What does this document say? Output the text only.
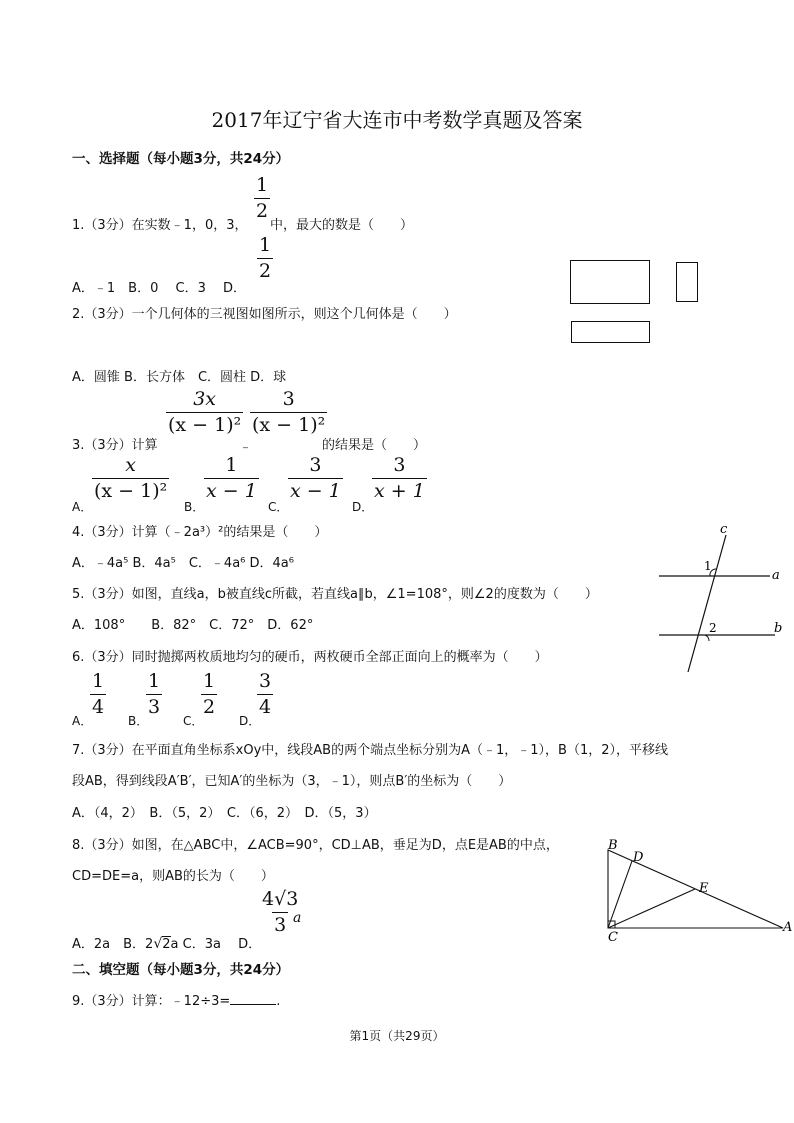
2017年辽宁省大连市中考数学真题及答案
一、选择题（每小题3分，共24分）
$\frac{1}{2}$
1.（3分）在实数﹣1，0，3， 中，最大的数是（　　）
A．﹣1　B．0　 C．3　 D．
$\frac{1}{2}$
2.（3分）一个几何体的三视图如图所示，则这个几何体是（　　）
A．圆锥 B．长方体　C．圆柱 D．球
3.（3分）计算
$\frac{3x}{\text{(x − 1)²}}$
﹣
$\frac{3}{\text{(x − 1)²}}$
的结果是（　　）
A．
$\frac{x}{\text{(x − 1)²}}$
B．
$\frac{1}{x - 1}$
C．
$\frac{3}{x - 1}$
D．
$\frac{3}{x + 1}$
4.（3分）计算（﹣2a³）²的结果是（　　）
A．﹣4a⁵ B．4a⁵　C．﹣4a⁶ D．4a⁶
c
a
b
1
2
5.（3分）如图，直线a，b被直线c所截，若直线a∥b，∠1=108°，则∠2的度数为（　　）
A．108°　　B．82°　C．72°　D．62°
6.（3分）同时抛掷两枚质地均匀的硬币，两枚硬币全部正面向上的概率为（　　）
A．
$\frac{1}{4}$
B．
$\frac{1}{3}$
C．
$\frac{1}{2}$
D．
$\frac{3}{4}$
7.（3分）在平面直角坐标系xOy中，线段AB的两个端点坐标分别为A（﹣1，﹣1），B（1，2），平移线
段AB，得到线段A′B′，已知A′的坐标为（3，﹣1），则点B′的坐标为（　　）
A．（4，2）　B．（5，2）　C．（6，2）　D．（5，3）
8.（3分）如图，在△ABC中，∠ACB=90°，CD⊥AB，垂足为D，点E是AB的中点，
CD=DE=a，则AB的长为（　　）
A．2a　B．2√2a C．3a　 D．
$\frac{4√3}{3}$
a
B
D
E
C
A
二、填空题（每小题3分，共24分）
9.（3分）计算：﹣12÷3=	.
第1页（共29页）
